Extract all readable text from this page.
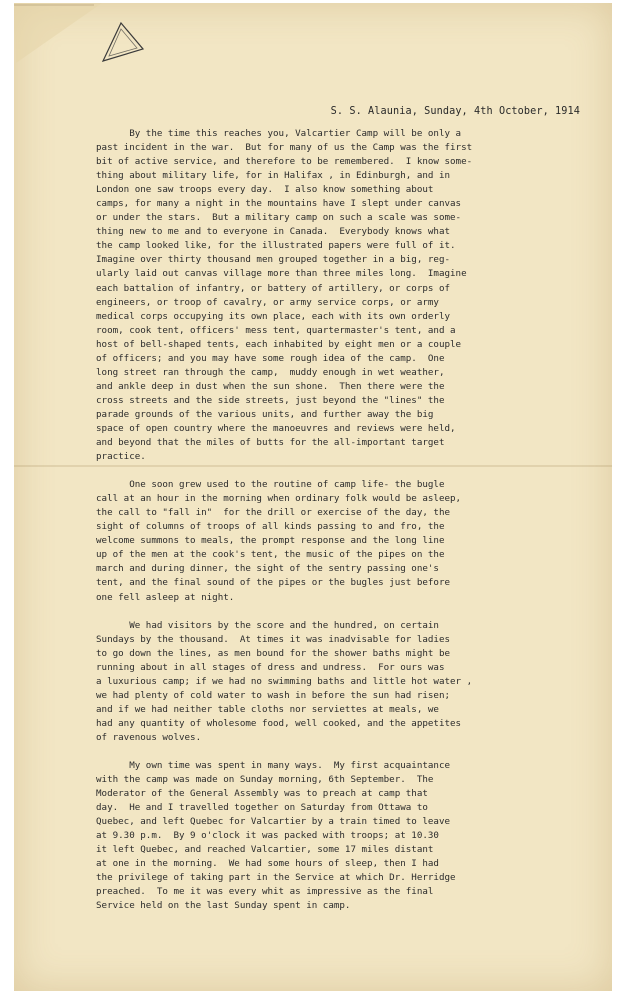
S. S. Alaunia, Sunday, 4th October, 1914
By the time this reaches you, Valcartier Camp will be only a
past incident in the war.  But for many of us the Camp was the first
bit of active service, and therefore to be remembered.  I know some-
thing about military life, for in Halifax , in Edinburgh, and in
London one saw troops every day.  I also know something about
camps, for many a night in the mountains have I slept under canvas
or under the stars.  But a military camp on such a scale was some-
thing new to me and to everyone in Canada.  Everybody knows what
the camp looked like, for the illustrated papers were full of it.
Imagine over thirty thousand men grouped together in a big, reg-
ularly laid out canvas village more than three miles long.  Imagine
each battalion of infantry, or battery of artillery, or corps of
engineers, or troop of cavalry, or army service corps, or army
medical corps occupying its own place, each with its own orderly
room, cook tent, officers' mess tent, quartermaster's tent, and a
host of bell-shaped tents, each inhabited by eight men or a couple
of officers; and you may have some rough idea of the camp.  One
long street ran through the camp,  muddy enough in wet weather,
and ankle deep in dust when the sun shone.  Then there were the
cross streets and the side streets, just beyond the "lines" the
parade grounds of the various units, and further away the big
space of open country where the manoeuvres and reviews were held,
and beyond that the miles of butts for the all-important target
practice.
One soon grew used to the routine of camp life- the bugle
call at an hour in the morning when ordinary folk would be asleep,
the call to "fall in"  for the drill or exercise of the day, the
sight of columns of troops of all kinds passing to and fro, the
welcome summons to meals, the prompt response and the long line
up of the men at the cook's tent, the music of the pipes on the
march and during dinner, the sight of the sentry passing one's
tent, and the final sound of the pipes or the bugles just before
one fell asleep at night.
We had visitors by the score and the hundred, on certain
Sundays by the thousand.  At times it was inadvisable for ladies
to go down the lines, as men bound for the shower baths might be
running about in all stages of dress and undress.  For ours was
a luxurious camp; if we had no swimming baths and little hot water ,
we had plenty of cold water to wash in before the sun had risen;
and if we had neither table cloths nor serviettes at meals, we
had any quantity of wholesome food, well cooked, and the appetites
of ravenous wolves.
My own time was spent in many ways.  My first acquaintance
with the camp was made on Sunday morning, 6th September.  The
Moderator of the General Assembly was to preach at camp that
day.  He and I travelled together on Saturday from Ottawa to
Quebec, and left Quebec for Valcartier by a train timed to leave
at 9.30 p.m.  By 9 o'clock it was packed with troops; at 10.30
it left Quebec, and reached Valcartier, some 17 miles distant
at one in the morning.  We had some hours of sleep, then I had
the privilege of taking part in the Service at which Dr. Herridge
preached.  To me it was every whit as impressive as the final
Service held on the last Sunday spent in camp.
